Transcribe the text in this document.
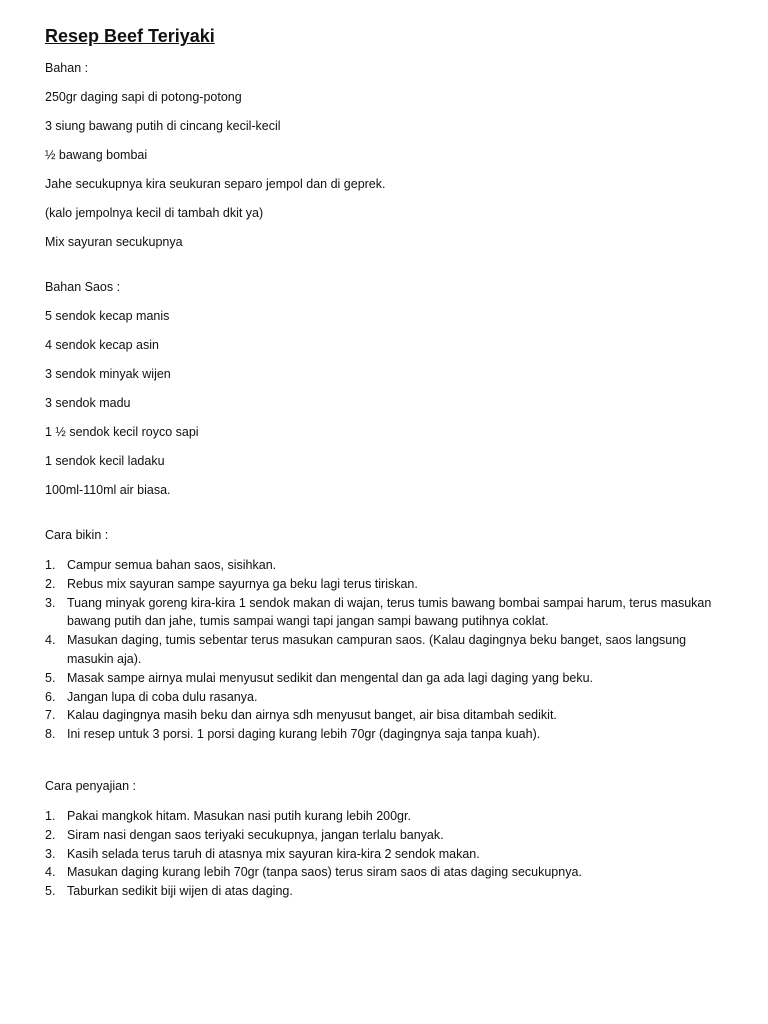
Resep Beef Teriyaki

Bahan :

250gr daging sapi di potong-potong

3 siung bawang putih di cincang kecil-kecil

½ bawang bombai

Jahe secukupnya kira seukuran separo jempol dan di geprek.

(kalo jempolnya kecil di tambah dkit ya)

Mix sayuran secukupnya

Bahan Saos :

5 sendok kecap manis

4 sendok kecap asin

3 sendok minyak wijen

3 sendok madu

1 ½ sendok kecil royco sapi

1 sendok kecil ladaku

100ml-110ml air biasa.

Cara bikin :

1. Campur semua bahan saos, sisihkan.
2. Rebus mix sayuran sampe sayurnya ga beku lagi terus tiriskan.
3. Tuang minyak goreng kira-kira 1 sendok makan di wajan, terus tumis bawang bombai sampai harum, terus masukan bawang putih dan jahe, tumis sampai wangi tapi jangan sampi bawang putihnya coklat.
4. Masukan daging, tumis sebentar terus masukan campuran saos. (Kalau dagingnya beku banget, saos langsung masukin aja).
5. Masak sampe airnya mulai menyusut sedikit dan mengental dan ga ada lagi daging yang beku.
6. Jangan lupa di coba dulu rasanya.
7. Kalau dagingnya masih beku dan airnya sdh menyusut banget, air bisa ditambah sedikit.
8. Ini resep untuk 3 porsi. 1 porsi daging kurang lebih 70gr (dagingnya saja tanpa kuah).

Cara penyajian :

1. Pakai mangkok hitam. Masukan nasi putih kurang lebih 200gr.
2. Siram nasi dengan saos teriyaki secukupnya, jangan terlalu banyak.
3. Kasih selada terus taruh di atasnya mix sayuran kira-kira 2 sendok makan.
4. Masukan daging kurang lebih 70gr (tanpa saos) terus siram saos di atas daging secukupnya.
5. Taburkan sedikit biji wijen di atas daging.
